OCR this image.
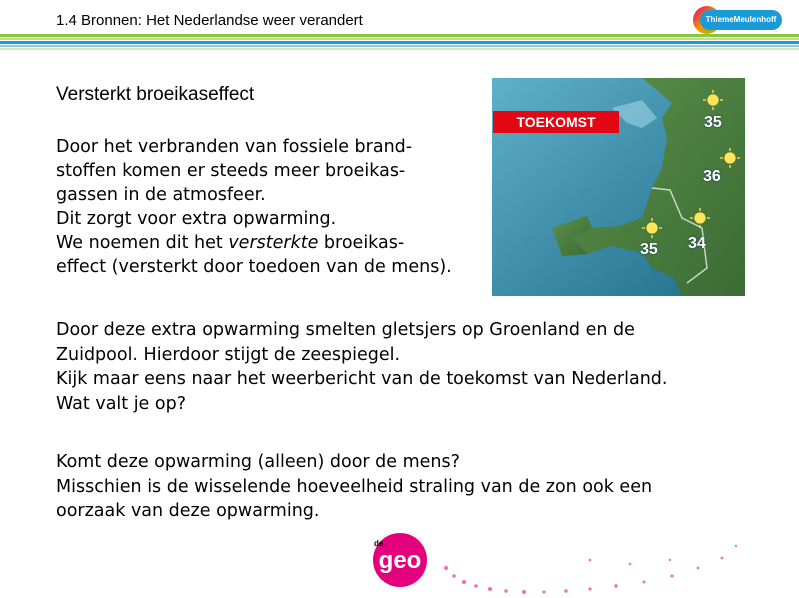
1.4 Bronnen: Het Nederlandse weer verandert	ThiemeMeulenhoff
Versterkt broeikaseffect
Door het verbranden van fossiele brand-
stoffen komen er steeds meer broeikas-
gassen in de atmosfeer.
Dit zorgt voor extra opwarming.
We noemen dit het versterkte broeikas-
effect (versterkt door toedoen van de mens).
TOEKOMST	35
36
35 34
Door deze extra opwarming smelten gletsjers op Groenland en de
Zuidpool. Hierdoor stijgt de zeespiegel.
Kijk maar eens naar het weerbericht van de toekomst van Nederland.
Wat valt je op?
Komt deze opwarming (alleen) door de mens?
Misschien is de wisselende hoeveelheid straling van de zon ook een
oorzaak van deze opwarming.
de
geo
